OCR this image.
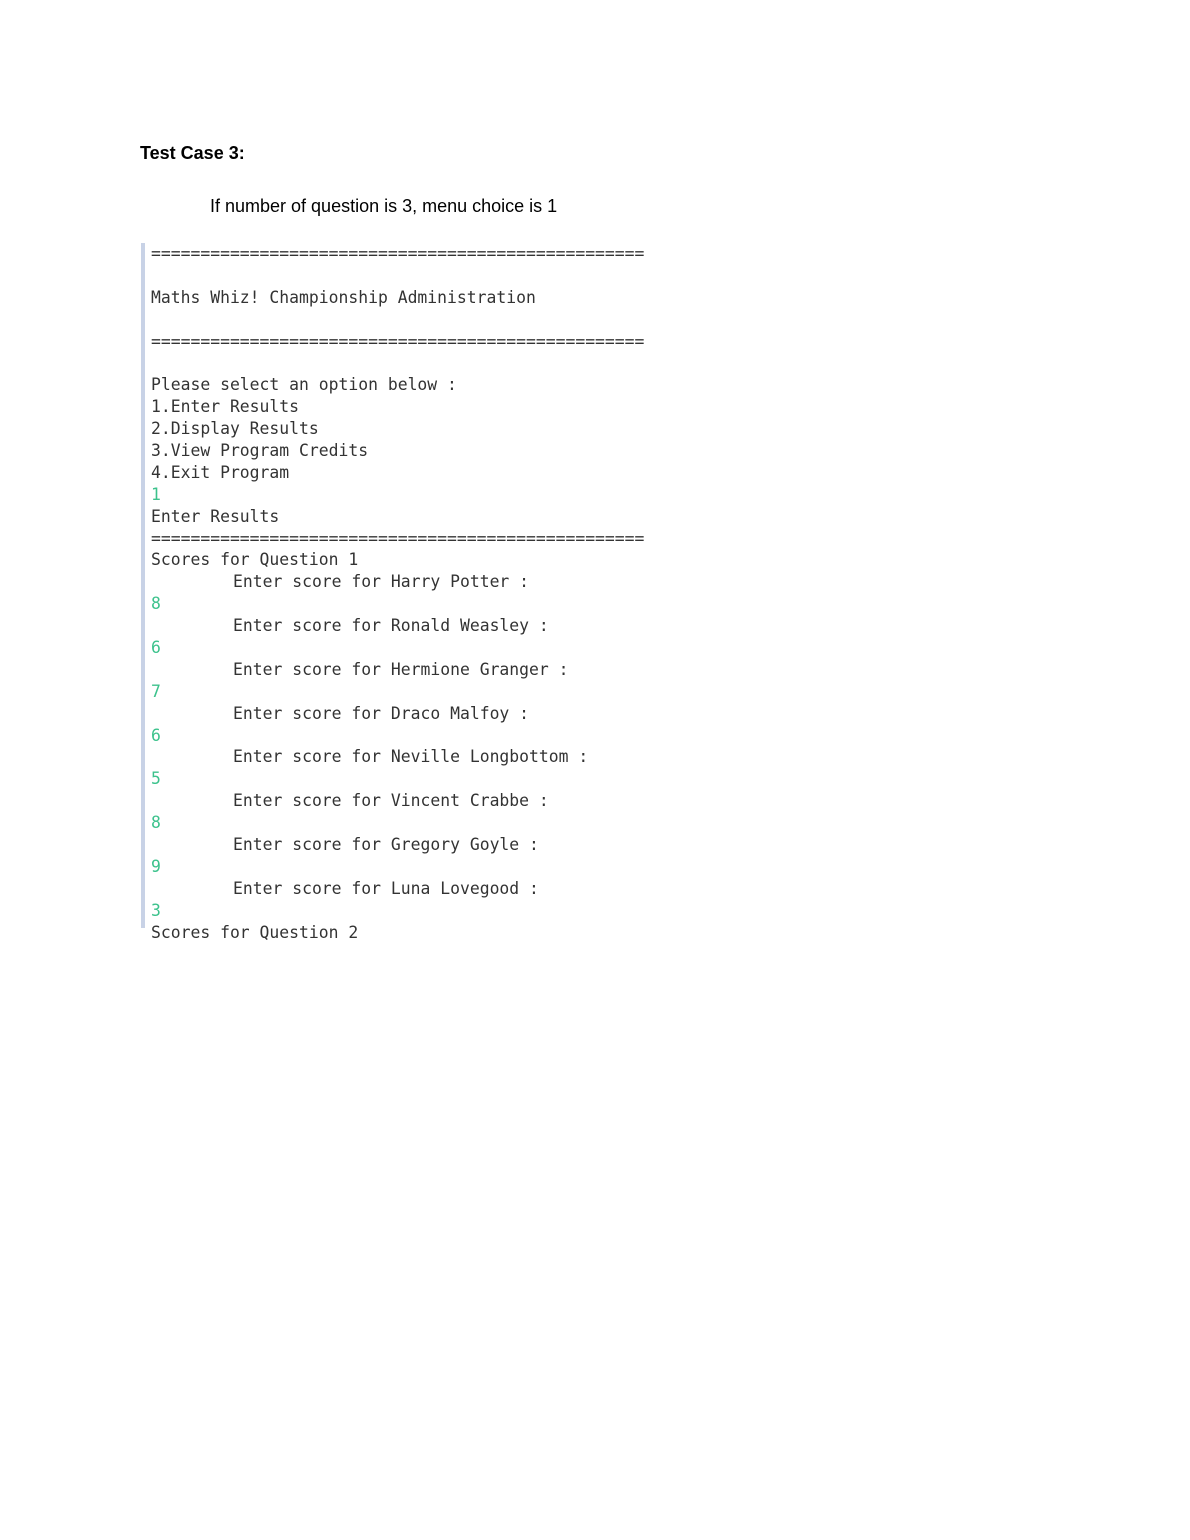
Test Case 3:

If number of question is 3, menu choice is 1

==================================================

Maths Whiz! Championship Administration

==================================================

Please select an option below :
1.Enter Results
2.Display Results
3.View Program Credits
4.Exit Program
1
Enter Results
==================================================
Scores for Question 1
Enter score for Harry Potter :
8
Enter score for Ronald Weasley :
6
Enter score for Hermione Granger :
7
Enter score for Draco Malfoy :
6
Enter score for Neville Longbottom :
5
Enter score for Vincent Crabbe :
8
Enter score for Gregory Goyle :
9
Enter score for Luna Lovegood :
3
Scores for Question 2
